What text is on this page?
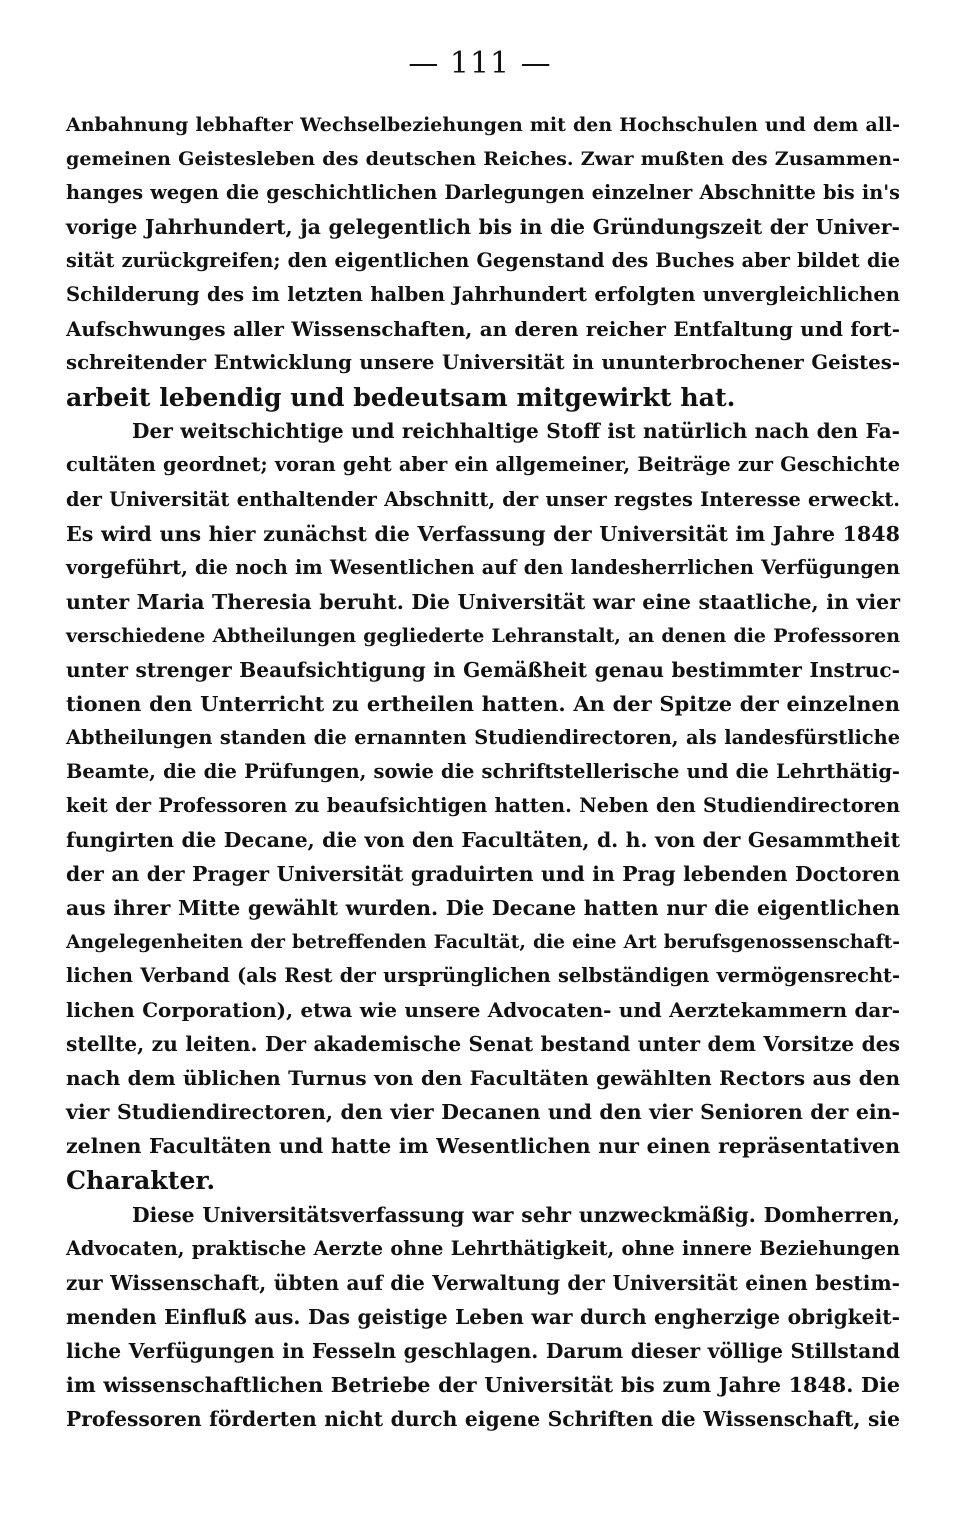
— 111 —
Anbahnung lebhafter Wechselbeziehungen mit den Hochschulen und dem all-
gemeinen Geistesleben des deutschen Reiches. Zwar mußten des Zusammen-
hanges wegen die geschichtlichen Darlegungen einzelner Abschnitte bis in's
vorige Jahrhundert, ja gelegentlich bis in die Gründungszeit der Univer-
sität zurückgreifen; den eigentlichen Gegenstand des Buches aber bildet die
Schilderung des im letzten halben Jahrhundert erfolgten unvergleichlichen
Aufschwunges aller Wissenschaften, an deren reicher Entfaltung und fort-
schreitender Entwicklung unsere Universität in ununterbrochener Geistes-
arbeit lebendig und bedeutsam mitgewirkt hat.
Der weitschichtige und reichhaltige Stoff ist natürlich nach den Fa-
cultäten geordnet; voran geht aber ein allgemeiner, Beiträge zur Geschichte
der Universität enthaltender Abschnitt, der unser regstes Interesse erweckt.
Es wird uns hier zunächst die Verfassung der Universität im Jahre 1848
vorgeführt, die noch im Wesentlichen auf den landesherrlichen Verfügungen
unter Maria Theresia beruht. Die Universität war eine staatliche, in vier
verschiedene Abtheilungen gegliederte Lehranstalt, an denen die Professoren
unter strenger Beaufsichtigung in Gemäßheit genau bestimmter Instruc-
tionen den Unterricht zu ertheilen hatten. An der Spitze der einzelnen
Abtheilungen standen die ernannten Studiendirectoren, als landesfürstliche
Beamte, die die Prüfungen, sowie die schriftstellerische und die Lehrthätig-
keit der Professoren zu beaufsichtigen hatten. Neben den Studiendirectoren
fungirten die Decane, die von den Facultäten, d. h. von der Gesammtheit
der an der Prager Universität graduirten und in Prag lebenden Doctoren
aus ihrer Mitte gewählt wurden. Die Decane hatten nur die eigentlichen
Angelegenheiten der betreffenden Facultät, die eine Art berufsgenossenschaft-
lichen Verband (als Rest der ursprünglichen selbständigen vermögensrecht-
lichen Corporation), etwa wie unsere Advocaten- und Aerztekammern dar-
stellte, zu leiten. Der akademische Senat bestand unter dem Vorsitze des
nach dem üblichen Turnus von den Facultäten gewählten Rectors aus den
vier Studiendirectoren, den vier Decanen und den vier Senioren der ein-
zelnen Facultäten und hatte im Wesentlichen nur einen repräsentativen
Charakter.
Diese Universitätsverfassung war sehr unzweckmäßig. Domherren,
Advocaten, praktische Aerzte ohne Lehrthätigkeit, ohne innere Beziehungen
zur Wissenschaft, übten auf die Verwaltung der Universität einen bestim-
menden Einfluß aus. Das geistige Leben war durch engherzige obrigkeit-
liche Verfügungen in Fesseln geschlagen. Darum dieser völlige Stillstand
im wissenschaftlichen Betriebe der Universität bis zum Jahre 1848. Die
Professoren förderten nicht durch eigene Schriften die Wissenschaft, sie
